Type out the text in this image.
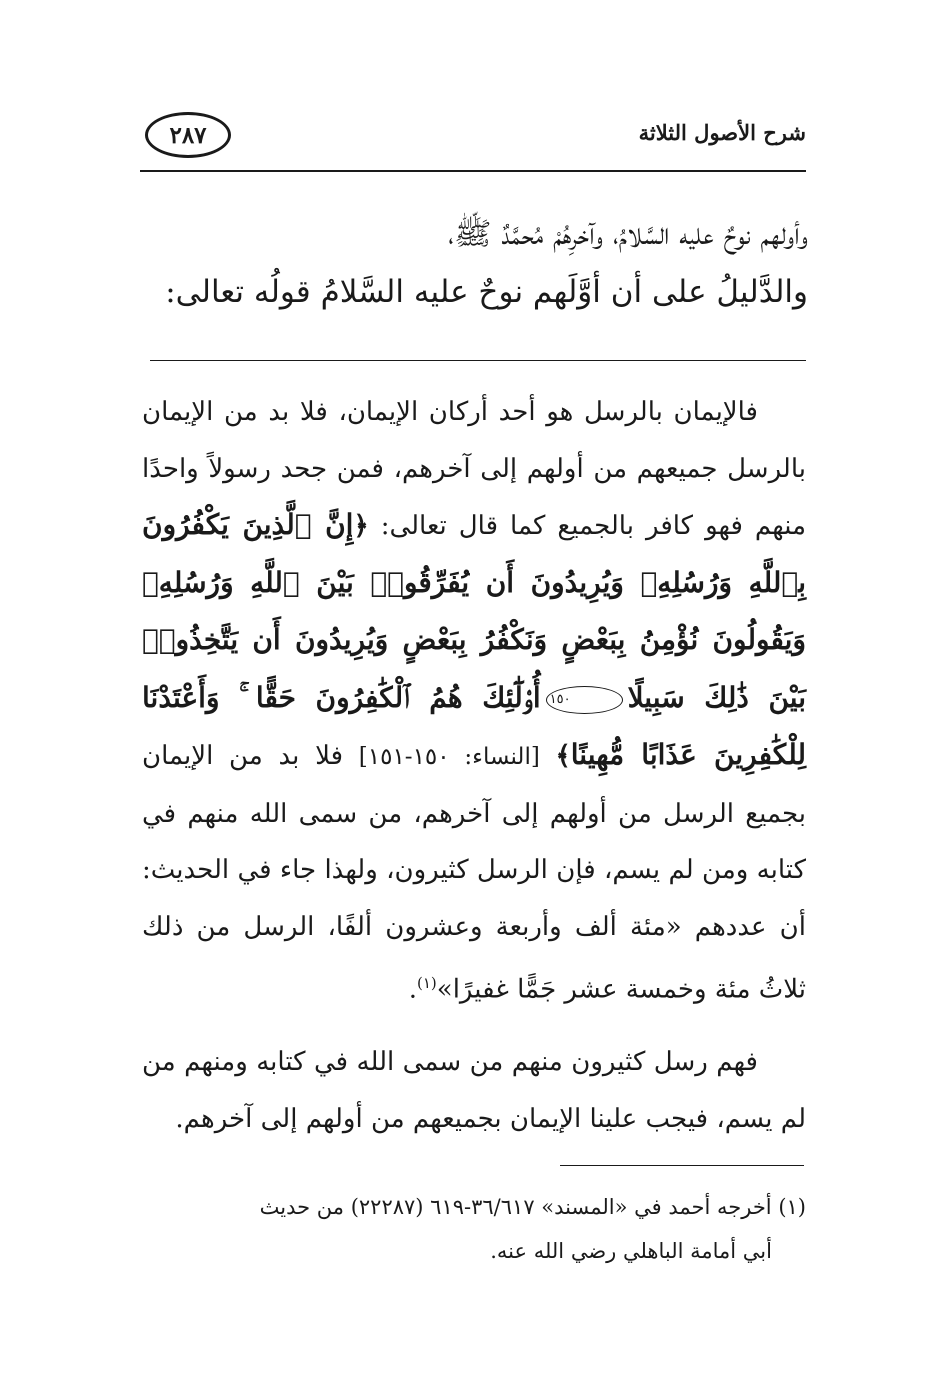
شرح الأصول الثلاثة
٢٨٧

وأولهم نوحٌ عليه السَّلامُ، وآخرِهُمْ مُحمَّدٌ ﷺ،

والدَّليلُ على أن أوَّلَهم نوحٌ عليه السَّلامُ قولُه تعالى:

فالإيمان بالرسل هو أحد أركان الإيمان، فلا بد من الإيمان بالرسل جميعهم من أولهم إلى آخرهم، فمن جحد رسولاً واحدًا منهم فهو كافر بالجميع كما قال تعالى: ﴿إِنَّ ٱلَّذِينَ يَكْفُرُونَ بِٱللَّهِ وَرُسُلِهِۦ وَيُرِيدُونَ أَن يُفَرِّقُوا۟ بَيْنَ ٱللَّهِ وَرُسُلِهِۦ وَيَقُولُونَ نُؤْمِنُ بِبَعْضٍ وَنَكْفُرُ بِبَعْضٍ وَيُرِيدُونَ أَن يَتَّخِذُوا۟ بَيْنَ ذَٰلِكَ سَبِيلًا١٥٠أُو۟لَٰٓئِكَ هُمُ ٱلْكَٰفِرُونَ حَقًّا ۚ وَأَعْتَدْنَا لِلْكَٰفِرِينَ عَذَابًا مُّهِينًا﴾ [النساء: ١٥٠-١٥١] فلا بد من الإيمان بجميع الرسل من أولهم إلى آخرهم، من سمى الله منهم في كتابه ومن لم يسم، فإن الرسل كثيرون، ولهذا جاء في الحديث: أن عددهم «مئة ألف وأربعة وعشرون ألفًا، الرسل من ذلك ثلاثُ مئة وخمسة عشر جَمًّا غفيرًا»$^{(١)}$.

فهم رسل كثيرون منهم من سمى الله في كتابه ومنهم من لم يسم، فيجب علينا الإيمان بجميعهم من أولهم إلى آخرهم.

(١) أخرجه أحمد في «المسند» ٣٦/٦١٧-٦١٩ (٢٢٢٨٧) من حديث

أبي أمامة الباهلي رضي الله عنه.
